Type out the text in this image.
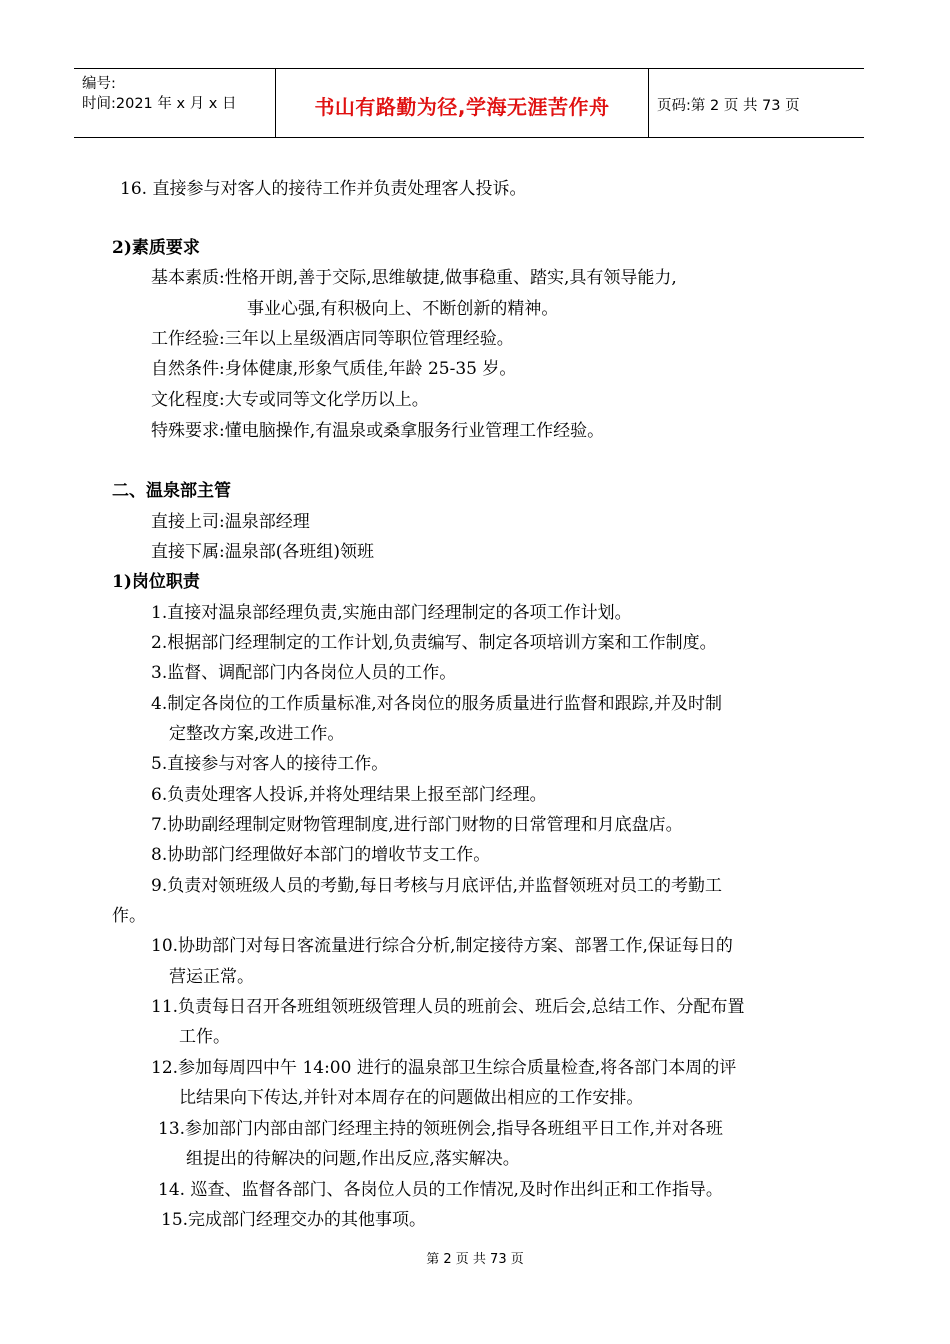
编号:
时间:2021 年 x 月 x 日	书山有路勤为径,学海无涯苦作舟	页码:第 2 页 共 73 页
16. 直接参与对客人的接待工作并负责处理客人投诉。
2)素质要求
基本素质:性格开朗,善于交际,思维敏捷,做事稳重、踏实,具有领导能力,
事业心强,有积极向上、不断创新的精神。
工作经验:三年以上星级酒店同等职位管理经验。
自然条件:身体健康,形象气质佳,年龄 25-35 岁。
文化程度:大专或同等文化学历以上。
特殊要求:懂电脑操作,有温泉或桑拿服务行业管理工作经验。
二、温泉部主管
直接上司:温泉部经理
直接下属:温泉部(各班组)领班
1)岗位职责
1.直接对温泉部经理负责,实施由部门经理制定的各项工作计划。
2.根据部门经理制定的工作计划,负责编写、制定各项培训方案和工作制度。
3.监督、调配部门内各岗位人员的工作。
4.制定各岗位的工作质量标准,对各岗位的服务质量进行监督和跟踪,并及时制
定整改方案,改进工作。
5.直接参与对客人的接待工作。
6.负责处理客人投诉,并将处理结果上报至部门经理。
7.协助副经理制定财物管理制度,进行部门财物的日常管理和月底盘店。
8.协助部门经理做好本部门的增收节支工作。
9.负责对领班级人员的考勤,每日考核与月底评估,并监督领班对员工的考勤工
作。
10.协助部门对每日客流量进行综合分析,制定接待方案、部署工作,保证每日的
营运正常。
11.负责每日召开各班组领班级管理人员的班前会、班后会,总结工作、分配布置
工作。
12.参加每周四中午 14:00 进行的温泉部卫生综合质量检查,将各部门本周的评
比结果向下传达,并针对本周存在的问题做出相应的工作安排。
13.参加部门内部由部门经理主持的领班例会,指导各班组平日工作,并对各班
组提出的待解决的问题,作出反应,落实解决。
14. 巡查、监督各部门、各岗位人员的工作情况,及时作出纠正和工作指导。
15.完成部门经理交办的其他事项。
第 2 页 共 73 页
